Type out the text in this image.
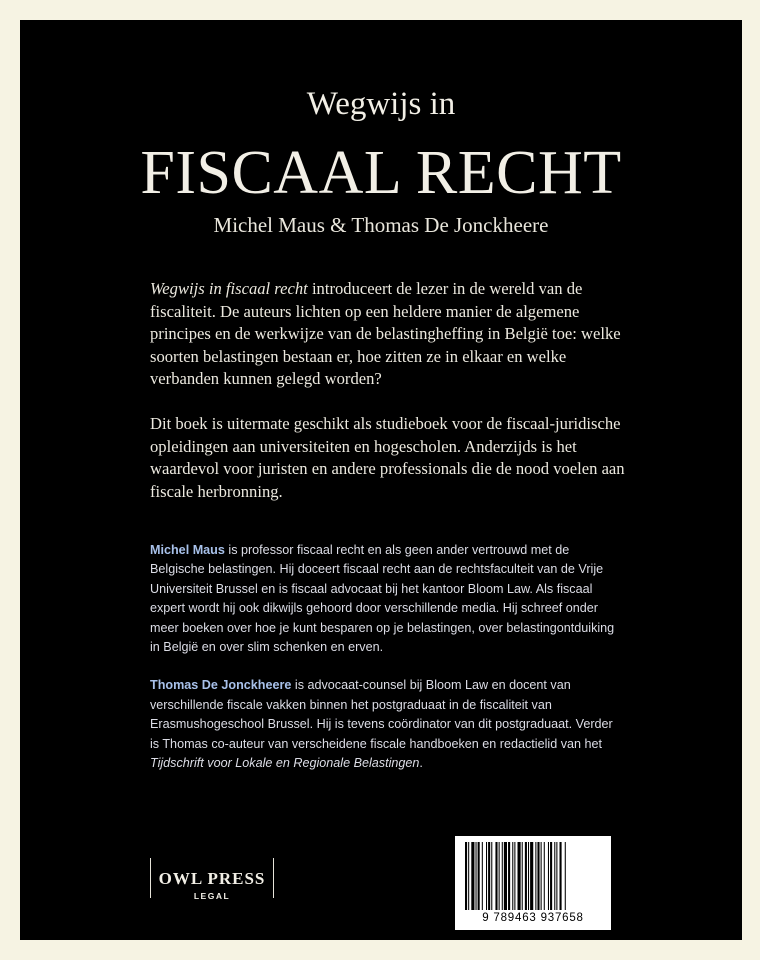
Wegwijs in
FISCAAL RECHT
Michel Maus & Thomas De Jonckheere

Wegwijs in fiscaal recht introduceert de lezer in de wereld van de fiscaliteit. De auteurs lichten op een heldere manier de algemene principes en de werkwijze van de belastingheffing in België toe: welke soorten belastingen bestaan er, hoe zitten ze in elkaar en welke verbanden kunnen gelegd worden?

Dit boek is uitermate geschikt als studieboek voor de fiscaal-juridische opleidingen aan universiteiten en hogescholen. Anderzijds is het waardevol voor juristen en andere professionals die de nood voelen aan fiscale herbronning.

Michel Maus is professor fiscaal recht en als geen ander vertrouwd met de Belgische belastingen. Hij doceert fiscaal recht aan de rechtsfaculteit van de Vrije Universiteit Brussel en is fiscaal advocaat bij het kantoor Bloom Law. Als fiscaal expert wordt hij ook dikwijls gehoord door verschillende media. Hij schreef onder meer boeken over hoe je kunt besparen op je belastingen, over belastingontduiking in België en over slim schenken en erven.

Thomas De Jonckheere is advocaat-counsel bij Bloom Law en docent van verschillende fiscale vakken binnen het postgraduaat in de fiscaliteit van Erasmushogeschool Brussel. Hij is tevens coördinator van dit postgraduaat. Verder is Thomas co-auteur van verscheidene fiscale handboeken en redactielid van het Tijdschrift voor Lokale en Regionale Belastingen.

OWL PRESS
LEGAL
9 789463 937658
